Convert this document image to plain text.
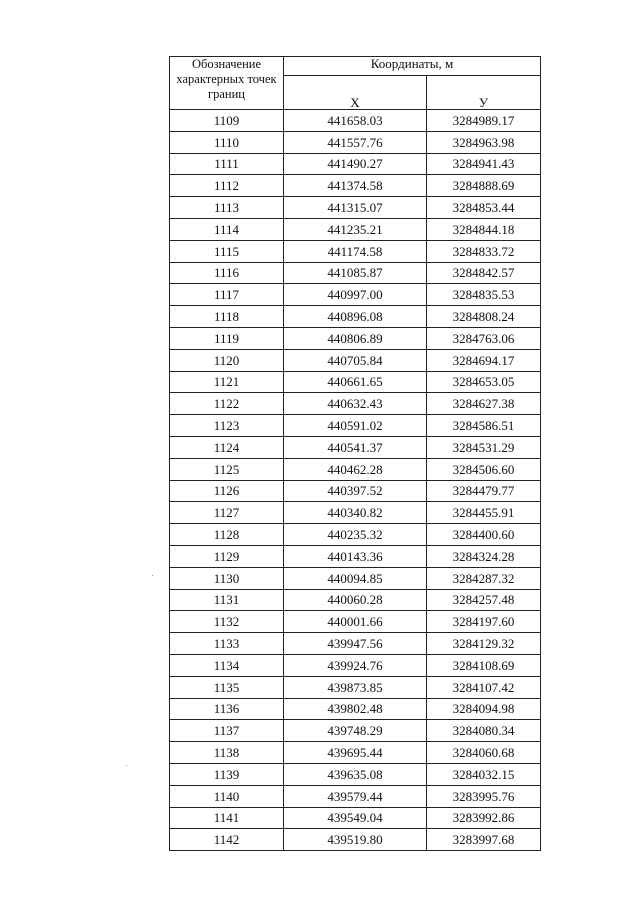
Обозначение характерных точек границ	Координаты, м	
	X	У
1109	441658.03	3284989.17
1110	441557.76	3284963.98
1111	441490.27	3284941.43
1112	441374.58	3284888.69
1113	441315.07	3284853.44
1114	441235.21	3284844.18
1115	441174.58	3284833.72
1116	441085.87	3284842.57
1117	440997.00	3284835.53
1118	440896.08	3284808.24
1119	440806.89	3284763.06
1120	440705.84	3284694.17
1121	440661.65	3284653.05
1122	440632.43	3284627.38
1123	440591.02	3284586.51
1124	440541.37	3284531.29
1125	440462.28	3284506.60
1126	440397.52	3284479.77
1127	440340.82	3284455.91
1128	440235.32	3284400.60
1129	440143.36	3284324.28
1130	440094.85	3284287.32
1131	440060.28	3284257.48
1132	440001.66	3284197.60
1133	439947.56	3284129.32
1134	439924.76	3284108.69
1135	439873.85	3284107.42
1136	439802.48	3284094.98
1137	439748.29	3284080.34
1138	439695.44	3284060.68
1139	439635.08	3284032.15
1140	439579.44	3283995.76
1141	439549.04	3283992.86
1142	439519.80	3283997.68
